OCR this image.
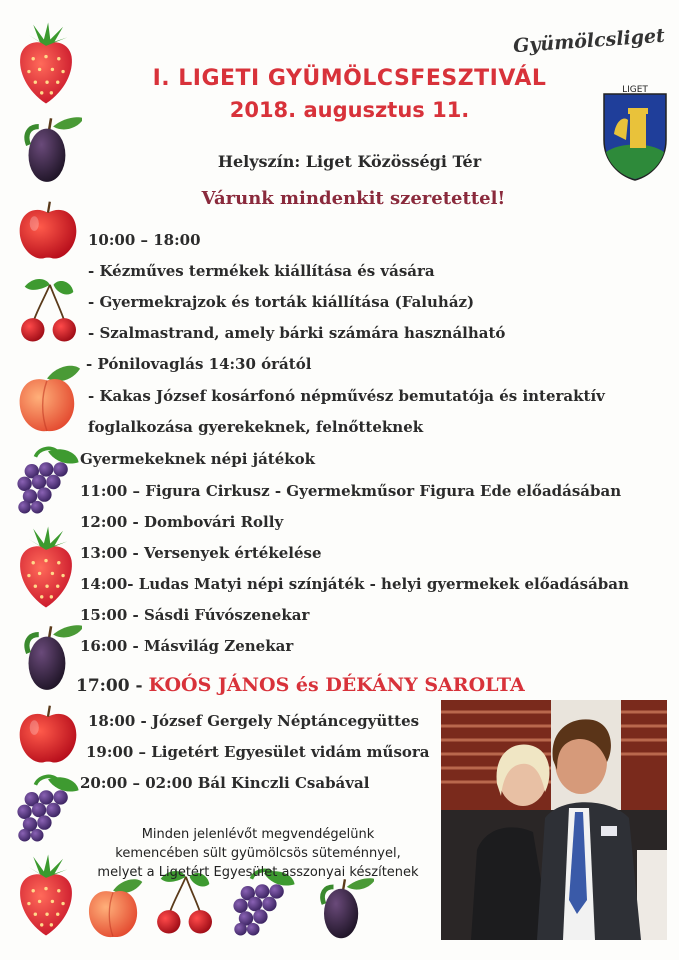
Gyümölcsliget
LIGET
I. LIGETI GYÜMÖLCSFESZTIVÁL
2018. augusztus 11.
Helyszín: Liget Közösségi Tér
Várunk mindenkit szeretettel!
10:00 – 18:00
- Kézműves termékek kiállítása és vására
- Gyermekrajzok és torták kiállítása (Faluház)
- Szalmastrand, amely bárki számára használható
- Pónilovaglás 14:30 órától
- Kakas József kosárfonó népművész bemutatója és interaktív
foglalkozása gyerekeknek, felnőtteknek
Gyermekeknek népi játékok
11:00 – Figura Cirkusz - Gyermekműsor Figura Ede előadásában
12:00 - Dombovári Rolly
13:00 - Versenyek értékelése
14:00- Ludas Matyi népi színjáték - helyi gyermekek előadásában
15:00 - Sásdi Fúvószenekar
16:00 - Másvilág Zenekar
17:00 - KOÓS JÁNOS és DÉKÁNY SAROLTA
18:00 - József Gergely Néptáncegyüttes
19:00 – Ligetért Egyesület vidám műsora
20:00 – 02:00 Bál Kinczli Csabával
Minden jelenlévőt megvendégelünk
kemencében sült gyümölcsös süteménnyel,
melyet a Ligetért Egyesület asszonyai készítenek
